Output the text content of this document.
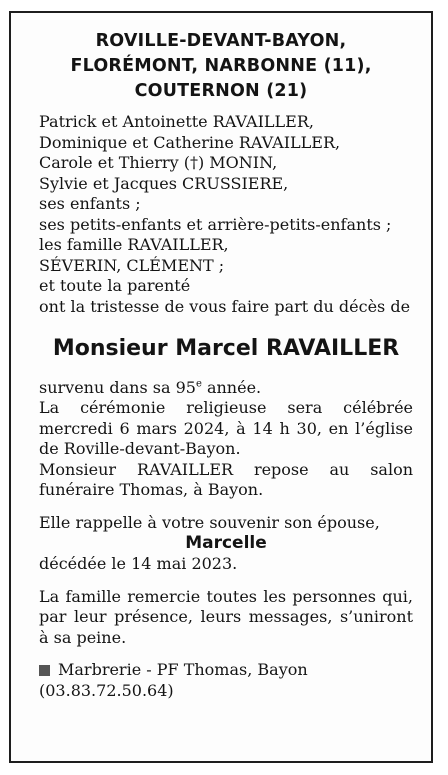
ROVILLE-DEVANT-BAYON,
FLORÉMONT, NARBONNE (11),
COUTERNON (21)
Patrick et Antoinette RAVAILLER,
Dominique et Catherine RAVAILLER,
Carole et Thierry (†) MONIN,
Sylvie et Jacques CRUSSIERE,
ses enfants ;
ses petits-enfants et arrière-petits-enfants ;
les famille RAVAILLER,
SÉVERIN, CLÉMENT ;
et toute la parenté
ont la tristesse de vous faire part du décès de
Monsieur Marcel RAVAILLER
survenu dans sa 95e année.
La cérémonie religieuse sera célébrée mercredi 6 mars 2024, à 14 h 30, en l’église de Roville-devant-Bayon.
Monsieur RAVAILLER repose au salon funéraire Thomas, à Bayon.
Elle rappelle à votre souvenir son épouse,
Marcelle
décédée le 14 mai 2023.
La famille remercie toutes les personnes qui, par leur présence, leurs messages, s’uniront à sa peine.
Marbrerie - PF Thomas, Bayon
(03.83.72.50.64)
